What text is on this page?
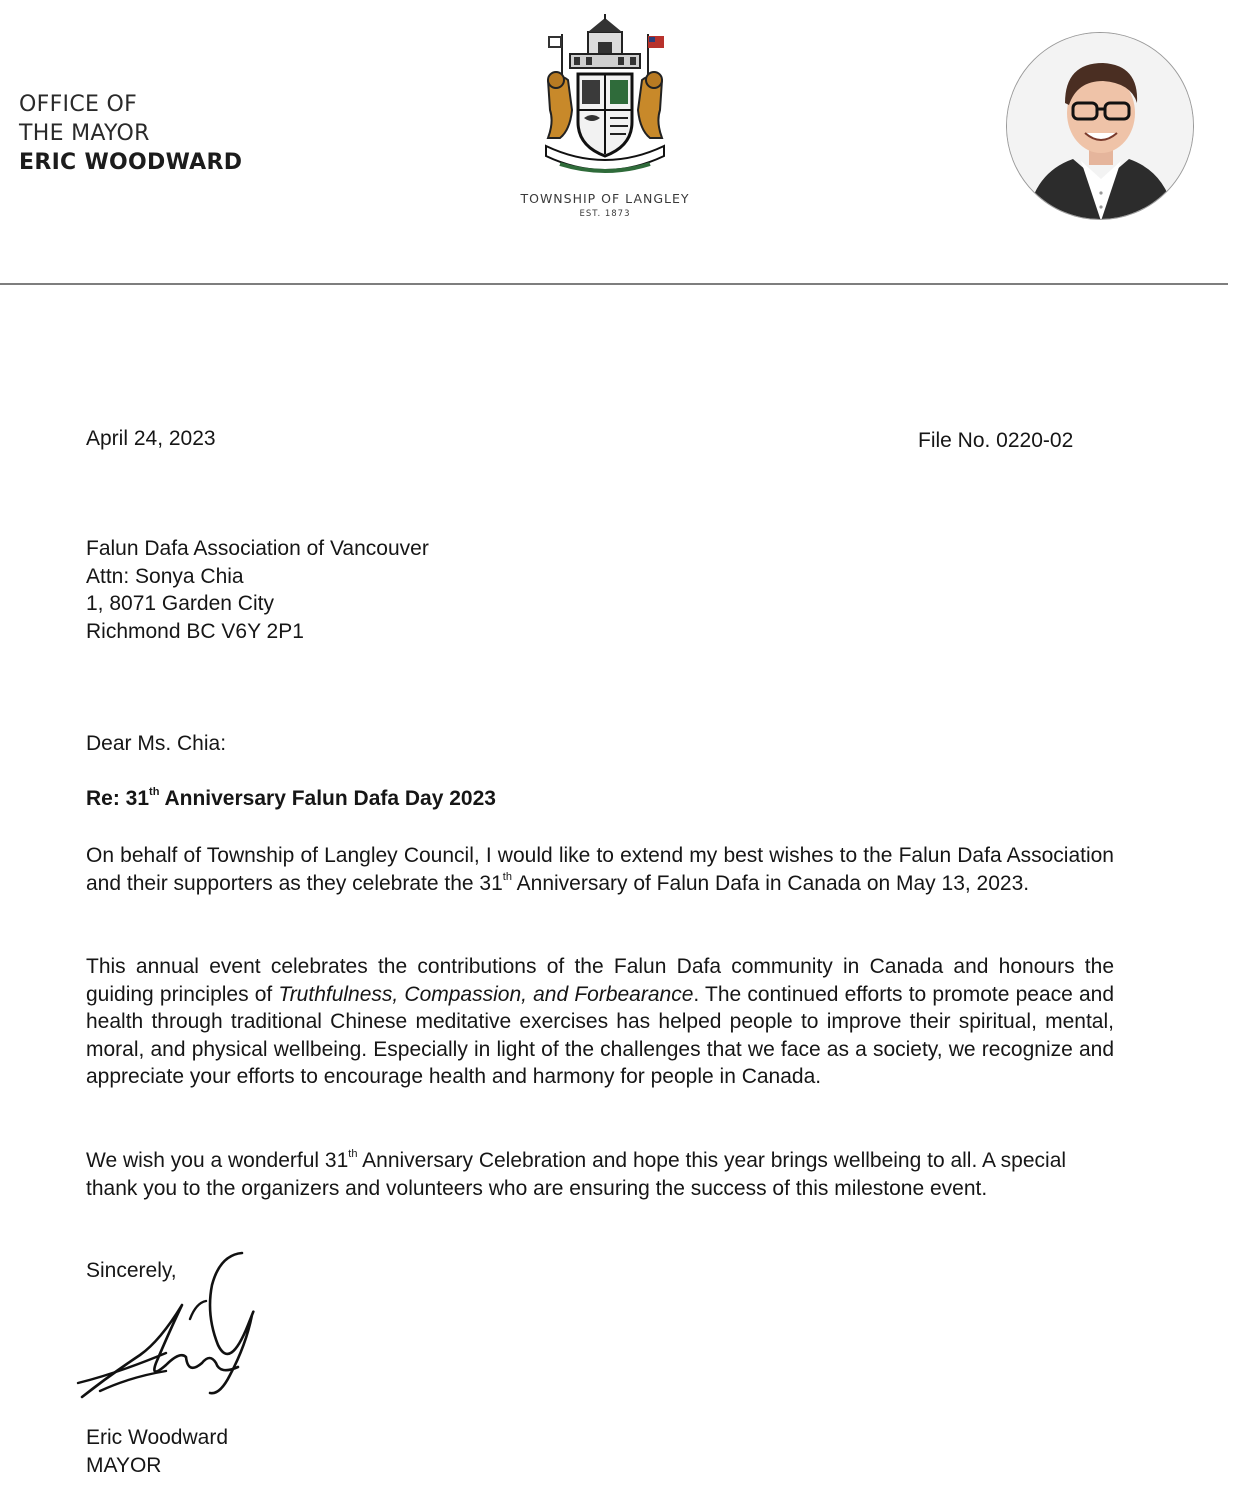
OFFICE OF
THE MAYOR
ERIC WOODWARD
TOWNSHIP OF LANGLEY
EST. 1873
April 24, 2023	File No. 0220-02
Falun Dafa Association of Vancouver
Attn: Sonya Chia
1, 8071 Garden City
Richmond BC V6Y 2P1
Dear Ms. Chia:
Re: 31th Anniversary Falun Dafa Day 2023
On behalf of Township of Langley Council, I would like to extend my best wishes to the Falun Dafa Association and their supporters as they celebrate the 31th Anniversary of Falun Dafa in Canada on May 13, 2023.
This annual event celebrates the contributions of the Falun Dafa community in Canada and honours the guiding principles of Truthfulness, Compassion, and Forbearance. The continued efforts to promote peace and health through traditional Chinese meditative exercises has helped people to improve their spiritual, mental, moral, and physical wellbeing. Especially in light of the challenges that we face as a society, we recognize and appreciate your efforts to encourage health and harmony for people in Canada.
We wish you a wonderful 31th Anniversary Celebration and hope this year brings wellbeing to all. A special thank you to the organizers and volunteers who are ensuring the success of this milestone event.
Sincerely,
Eric Woodward
MAYOR
